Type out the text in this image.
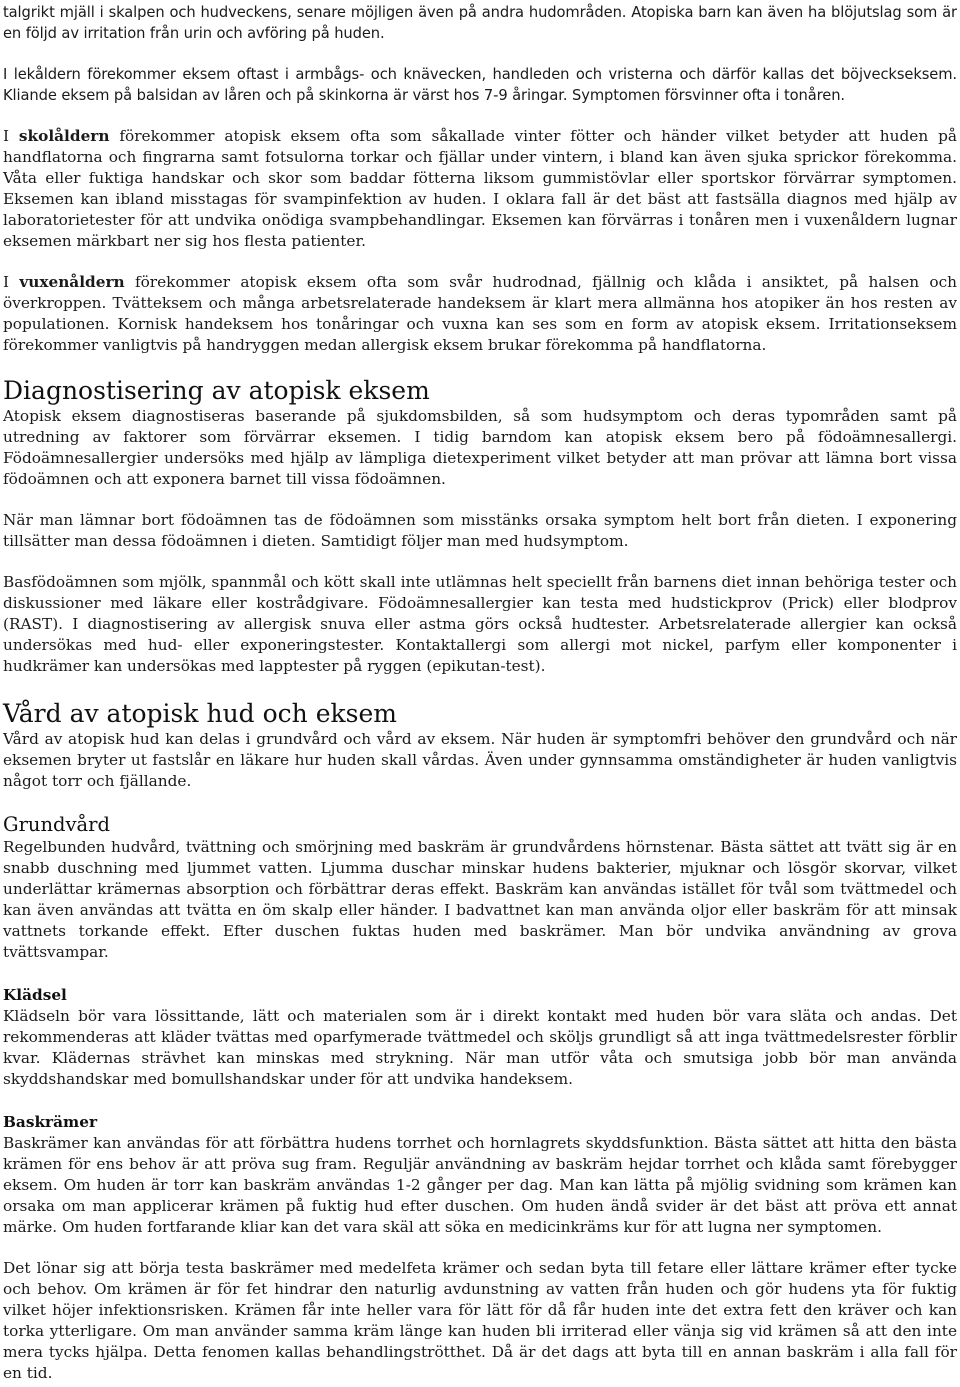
talgrikt mjäll i skalpen och hudveckens, senare möjligen även på andra hudområden. Atopiska barn kan även ha blöjutslag som är en följd av irritation från urin och avföring på huden.

I lekåldern förekommer eksem oftast i armbågs- och knävecken, handleden och vristerna och därför kallas det böjveckseksem. Kliande eksem på balsidan av låren och på skinkorna är värst hos 7-9 åringar. Symptomen försvinner ofta i tonåren.

I skolåldern förekommer atopisk eksem ofta som såkallade vinter fötter och händer vilket betyder att huden på handflatorna och fingrarna samt fotsulorna torkar och fjällar under vintern, i bland kan även sjuka sprickor förekomma. Våta eller fuktiga handskar och skor som baddar fötterna liksom gummistövlar eller sportskor förvärrar symptomen. Eksemen kan ibland misstagas för svampinfektion av huden. I oklara fall är det bäst att fastsälla diagnos med hjälp av laboratorietester för att undvika onödiga svampbehandlingar. Eksemen kan förvärras i tonåren men i vuxenåldern lugnar eksemen märkbart ner sig hos flesta patienter.

I vuxenåldern förekommer atopisk eksem ofta som svår hudrodnad, fjällnig och klåda i ansiktet, på halsen och överkroppen. Tvätteksem och många arbetsrelaterade handeksem är klart mera allmänna hos atopiker än hos resten av populationen. Kornisk handeksem hos tonåringar och vuxna kan ses som en form av atopisk eksem. Irritationseksem förekommer vanligtvis på handryggen medan allergisk eksem brukar förekomma på handflatorna.

Diagnostisering av atopisk eksem

Atopisk eksem diagnostiseras baserande på sjukdomsbilden, så som hudsymptom och deras typområden samt på utredning av faktorer som förvärrar eksemen. I tidig barndom kan atopisk eksem bero på födoämnesallergi. Födoämnesallergier undersöks med hjälp av lämpliga dietexperiment vilket betyder att man prövar att lämna bort vissa födoämnen och att exponera barnet till vissa födoämnen.

När man lämnar bort födoämnen tas de födoämnen som misstänks orsaka symptom helt bort från dieten. I exponering tillsätter man dessa födoämnen i dieten. Samtidigt följer man med hudsymptom.

Basfödoämnen som mjölk, spannmål och kött skall inte utlämnas helt speciellt från barnens diet innan behöriga tester och diskussioner med läkare eller kostrådgivare. Födoämnesallergier kan testa med hudstickprov (Prick) eller blodprov (RAST). I diagnostisering av allergisk snuva eller astma görs också hudtester. Arbetsrelaterade allergier kan också undersökas med hud- eller exponeringstester. Kontaktallergi som allergi mot nickel, parfym eller komponenter i hudkrämer kan undersökas med lapptester på ryggen (epikutan-test).

Vård av atopisk hud och eksem

Vård av atopisk hud kan delas i grundvård och vård av eksem. När huden är symptomfri behöver den grundvård och när eksemen bryter ut fastslår en läkare hur huden skall vårdas. Även under gynnsamma omständigheter är huden vanligtvis något torr och fjällande.

Grundvård

Regelbunden hudvård, tvättning och smörjning med baskräm är grundvårdens hörnstenar. Bästa sättet att tvätt sig är en snabb duschning med ljummet vatten. Ljumma duschar minskar hudens bakterier, mjuknar och lösgör skorvar, vilket underlättar krämernas absorption och förbättrar deras effekt. Baskräm kan användas istället för tvål som tvättmedel och kan även användas att tvätta en öm skalp eller händer. I badvattnet kan man använda oljor eller baskräm för att minsak vattnets torkande effekt. Efter duschen fuktas huden med baskrämer. Man bör undvika användning av grova tvättsvampar.

Klädsel

Klädseln bör vara lössittande, lätt och materialen som är i direkt kontakt med huden bör vara släta och andas. Det rekommenderas att kläder tvättas med oparfymerade tvättmedel och sköljs grundligt så att inga tvättmedelsrester förblir kvar. Klädernas strävhet kan minskas med strykning. När man utför våta och smutsiga jobb bör man använda skyddshandskar med bomullshandskar under för att undvika handeksem.

Baskrämer

Baskrämer kan användas för att förbättra hudens torrhet och hornlagrets skyddsfunktion. Bästa sättet att hitta den bästa krämen för ens behov är att pröva sug fram. Reguljär användning av baskräm hejdar torrhet och klåda samt förebygger eksem. Om huden är torr kan baskräm användas 1-2 gånger per dag. Man kan lätta på mjölig svidning som krämen kan orsaka om man applicerar krämen på fuktig hud efter duschen. Om huden ändå svider är det bäst att pröva ett annat märke. Om huden fortfarande kliar kan det vara skäl att söka en medicinkräms kur för att lugna ner symptomen.

Det lönar sig att börja testa baskrämer med medelfeta krämer och sedan byta till fetare eller lättare krämer efter tycke och behov. Om krämen är för fet hindrar den naturlig avdunstning av vatten från huden och gör hudens yta för fuktig vilket höjer infektionsrisken. Krämen får inte heller vara för lätt för då får huden inte det extra fett den kräver och kan torka ytterligare. Om man använder samma kräm länge kan huden bli irriterad eller vänja sig vid krämen så att den inte mera tycks hjälpa. Detta fenomen kallas behandlingströtthet. Då är det dags att byta till en annan baskräm i alla fall för en tid.
